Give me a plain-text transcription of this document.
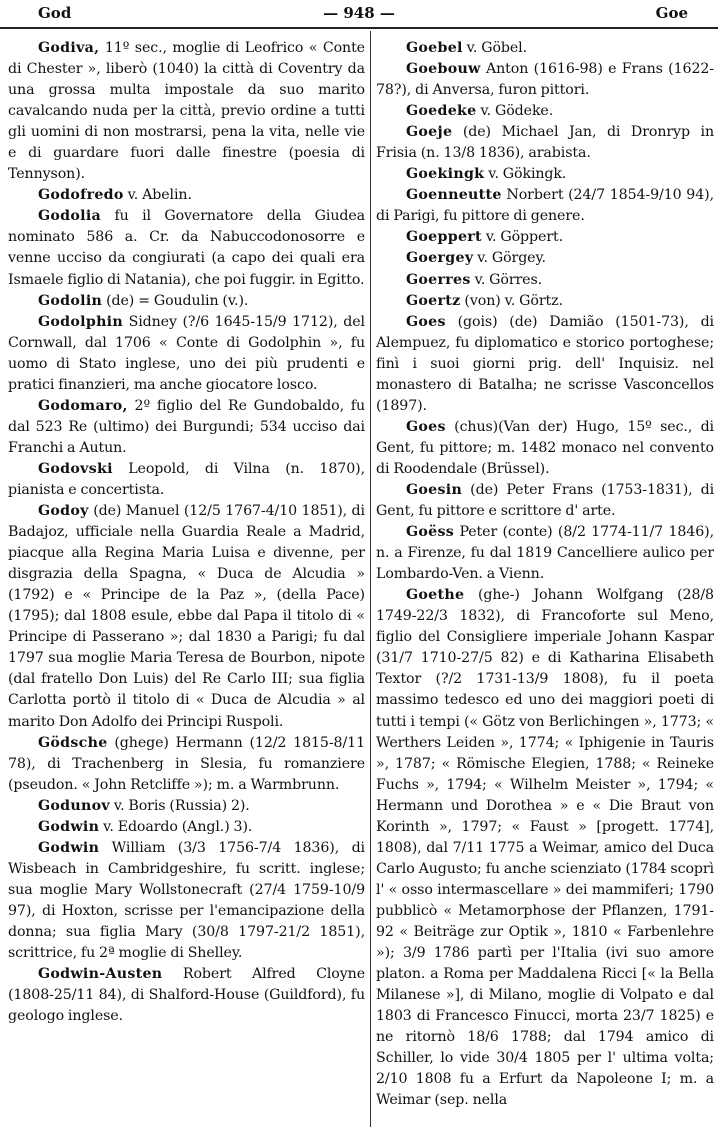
God	— 948 —	Goe

Godiva, 11º sec., moglie di Leofrico « Conte di Chester », liberò (1040) la città di Coventry da una grossa multa impostale da suo marito cavalcando nuda per la città, previo ordine a tutti gli uomini di non mostrarsi, pena la vita, nelle vie e di guardare fuori dalle finestre (poesia di Tennyson).

Godofredo v. Abelin.

Godolia fu il Governatore della Giudea nominato 586 a. Cr. da Nabuccodonosorre e venne ucciso da congiurati (a capo dei quali era Ismaele figlio di Natania), che poi fuggir. in Egitto.

Godolin (de) = Goudulin (v.).

Godolphin Sidney (?/6 1645-15/9 1712), del Cornwall, dal 1706 « Conte di Godolphin », fu uomo di Stato inglese, uno dei più prudenti e pratici finanzieri, ma anche giocatore losco.

Godomaro, 2º figlio del Re Gundobaldo, fu dal 523 Re (ultimo) dei Burgundi; 534 ucciso dai Franchi a Autun.

Godovski Leopold, di Vilna (n. 1870), pianista e concertista.

Godoy (de) Manuel (12/5 1767-4/10 1851), di Badajoz, ufficiale nella Guardia Reale a Madrid, piacque alla Regina Maria Luisa e divenne, per disgrazia della Spagna, « Duca de Alcudia » (1792) e « Principe de la Paz », (della Pace) (1795); dal 1808 esule, ebbe dal Papa il titolo di « Principe di Passerano »; dal 1830 a Parigi; fu dal 1797 sua moglie Maria Teresa de Bourbon, nipote (dal fratello Don Luis) del Re Carlo III; sua figlia Carlotta portò il titolo di « Duca de Alcudia » al marito Don Adolfo dei Principi Ruspoli.

Gödsche (ghege) Hermann (12/2 1815-8/11 78), di Trachenberg in Slesia, fu romanziere (pseudon. « John Retcliffe »); m. a Warmbrunn.

Godunov v. Boris (Russia) 2).

Godwin v. Edoardo (Angl.) 3).

Godwin William (3/3 1756-7/4 1836), di Wisbeach in Cambridgeshire, fu scritt. inglese; sua moglie Mary Wollstonecraft (27/4 1759-10/9 97), di Hoxton, scrisse per l'emancipazione della donna; sua figlia Mary (30/8 1797-21/2 1851), scrittrice, fu 2ª moglie di Shelley.

Godwin-Austen Robert Alfred Cloyne (1808-25/11 84), di Shalford-House (Guildford), fu geologo inglese.

Goebel v. Göbel.

Goebouw Anton (1616-98) e Frans (1622-78?), di Anversa, furon pittori.

Goedeke v. Gödeke.

Goeje (de) Michael Jan, di Dronryp in Frisia (n. 13/8 1836), arabista.

Goekingk v. Gökingk.

Goenneutte Norbert (24/7 1854-9/10 94), di Parigi, fu pittore di genere.

Goeppert v. Göppert.

Goergey v. Görgey.

Goerres v. Görres.

Goertz (von) v. Görtz.

Goes (gois) (de) Damião (1501-73), di Alempuez, fu diplomatico e storico portoghese; finì i suoi giorni prig. dell' Inquisiz. nel monastero di Batalha; ne scrisse Vasconcellos (1897).

Goes (chus)(Van der) Hugo, 15º sec., di Gent, fu pittore; m. 1482 monaco nel convento di Roodendale (Brüssel).

Goesin (de) Peter Frans (1753-1831), di Gent, fu pittore e scrittore d' arte.

Goëss Peter (conte) (8/2 1774-11/7 1846), n. a Firenze, fu dal 1819 Cancelliere aulico per Lombardo-Ven. a Vienn.

Goethe (ghe-) Johann Wolfgang (28/8 1749-22/3 1832), di Francoforte sul Meno, figlio del Consigliere imperiale Johann Kaspar (31/7 1710-27/5 82) e di Katharina Elisabeth Textor (?/2 1731-13/9 1808), fu il poeta massimo tedesco ed uno dei maggiori poeti di tutti i tempi (« Götz von Berlichingen », 1773; « Werthers Leiden », 1774; « Iphigenie in Tauris », 1787; « Römische Elegien, 1788; « Reineke Fuchs », 1794; « Wilhelm Meister », 1794; « Hermann und Dorothea » e « Die Braut von Korinth », 1797; « Faust » [progett. 1774], 1808), dal 7/11 1775 a Weimar, amico del Duca Carlo Augusto; fu anche scienziato (1784 scoprì l' « osso intermascellare » dei mammiferi; 1790 pubblicò « Metamorphose der Pflanzen, 1791-92 « Beiträge zur Optik », 1810 « Farbenlehre »); 3/9 1786 partì per l'Italia (ivi suo amore platon. a Roma per Maddalena Ricci [« la Bella Milanese »], di Milano, moglie di Volpato e dal 1803 di Francesco Finucci, morta 23/7 1825) e ne ritornò 18/6 1788; dal 1794 amico di Schiller, lo vide 30/4 1805 per l' ultima volta; 2/10 1808 fu a Erfurt da Napoleone I; m. a Weimar (sep. nella
